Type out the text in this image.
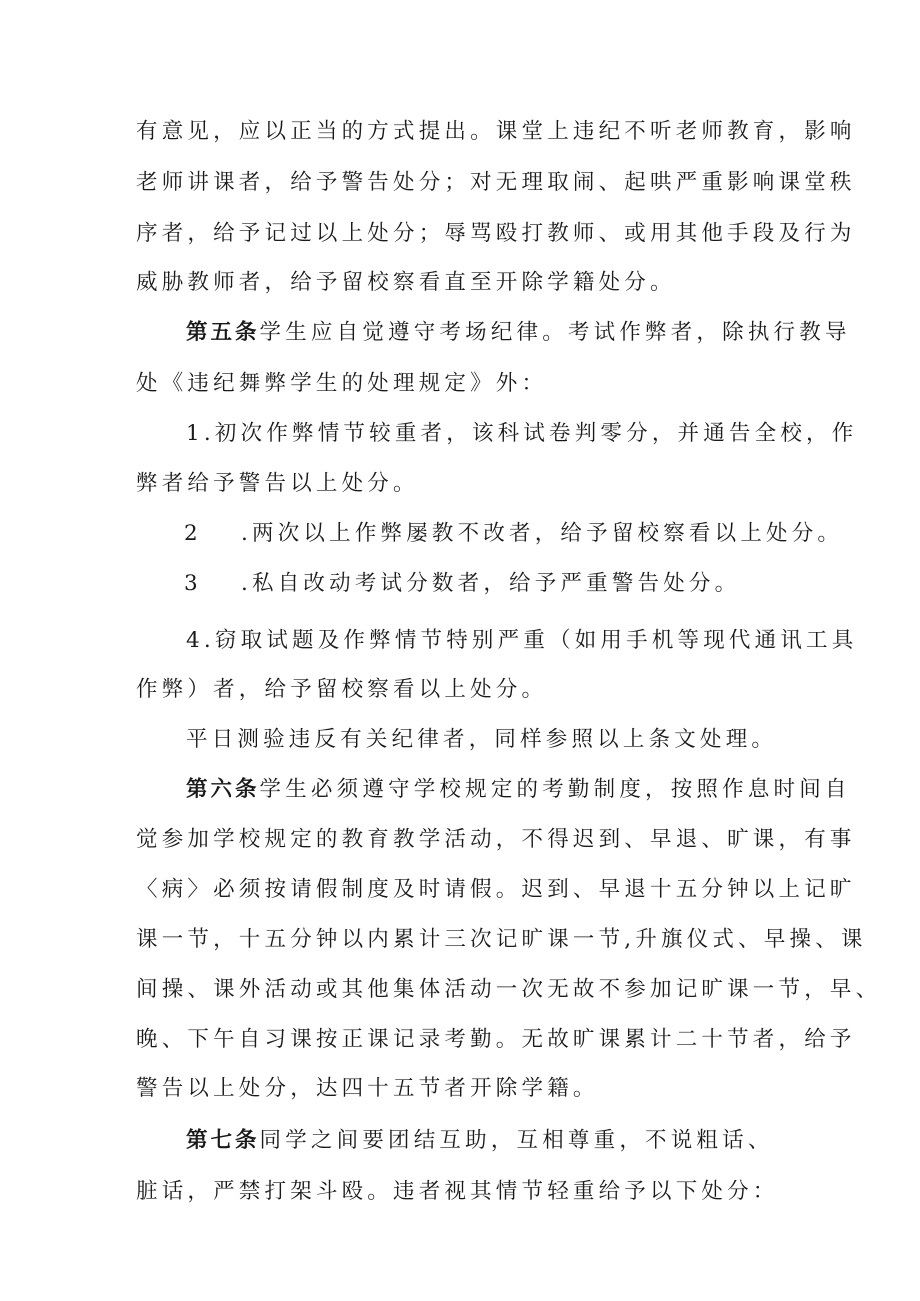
有意见，应以正当的方式提出。课堂上违纪不听老师教育，影响

老师讲课者，给予警告处分；对无理取闹、起哄严重影响课堂秩

序者，给予记过以上处分；辱骂殴打教师、或用其他手段及行为

威胁教师者，给予留校察看直至开除学籍处分。

第五条学生应自觉遵守考场纪律。考试作弊者，除执行教导

处《违纪舞弊学生的处理规定》外：

1.初次作弊情节较重者，该科试卷判零分，并通告全校，作

弊者给予警告以上处分。

2 .两次以上作弊屡教不改者，给予留校察看以上处分。

3 .私自改动考试分数者，给予严重警告处分。

4.窃取试题及作弊情节特别严重（如用手机等现代通讯工具

作弊）者，给予留校察看以上处分。

平日测验违反有关纪律者，同样参照以上条文处理。

第六条学生必须遵守学校规定的考勤制度，按照作息时间自

觉参加学校规定的教育教学活动，不得迟到、早退、旷课，有事

〈病〉必须按请假制度及时请假。迟到、早退十五分钟以上记旷

课一节，十五分钟以内累计三次记旷课一节,升旗仪式、早操、课

间操、课外活动或其他集体活动一次无故不参加记旷课一节，早、

晚、下午自习课按正课记录考勤。无故旷课累计二十节者，给予

警告以上处分，达四十五节者开除学籍。

第七条同学之间要团结互助，互相尊重，不说粗话、

脏话，严禁打架斗殴。违者视其情节轻重给予以下处分：
